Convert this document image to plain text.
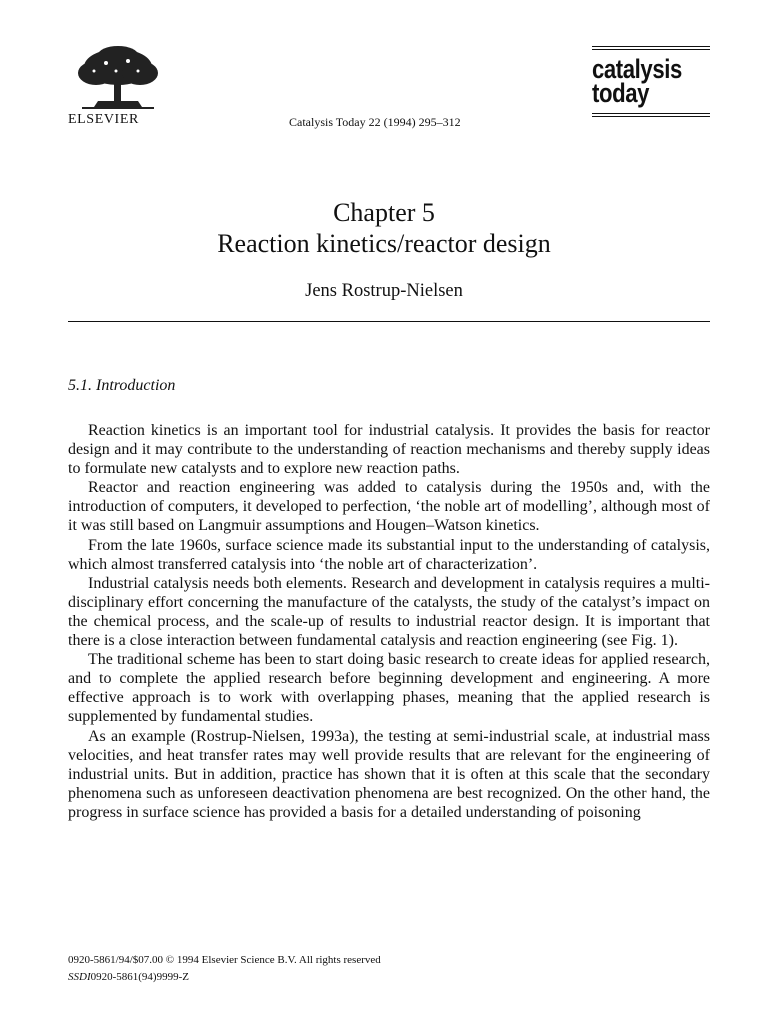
ELSEVIER	Catalysis Today 22 (1994) 295–312
catalysis
today
Chapter 5
Reaction kinetics/reactor design
Jens Rostrup-Nielsen
5.1. Introduction

Reaction kinetics is an important tool for industrial catalysis. It provides the basis for reactor design and it may contribute to the understanding of reaction mechanisms and thereby supply ideas to formulate new catalysts and to explore new reaction paths.

Reactor and reaction engineering was added to catalysis during the 1950s and, with the introduction of computers, it developed to perfection, ‘the noble art of modelling’, although most of it was still based on Langmuir assumptions and Hougen–Watson kinetics.

From the late 1960s, surface science made its substantial input to the understanding of catalysis, which almost transferred catalysis into ‘the noble art of characterization’.

Industrial catalysis needs both elements. Research and development in catalysis requires a multi-disciplinary effort concerning the manufacture of the catalysts, the study of the catalyst’s impact on the chemical process, and the scale-up of results to industrial reactor design. It is important that there is a close interaction between fundamental catalysis and reaction engineering (see Fig. 1).

The traditional scheme has been to start doing basic research to create ideas for applied research, and to complete the applied research before beginning development and engineering. A more effective approach is to work with overlapping phases, meaning that the applied research is supplemented by fundamental studies.

As an example (Rostrup-Nielsen, 1993a), the testing at semi-industrial scale, at industrial mass velocities, and heat transfer rates may well provide results that are relevant for the engineering of industrial units. But in addition, practice has shown that it is often at this scale that the secondary phenomena such as unforeseen deactivation phenomena are best recognized. On the other hand, the progress in surface science has provided a basis for a detailed understanding of poisoning

0920-5861/94/$07.00 © 1994 Elsevier Science B.V. All rights reserved
SSDI0920-5861(94)9999-Z
